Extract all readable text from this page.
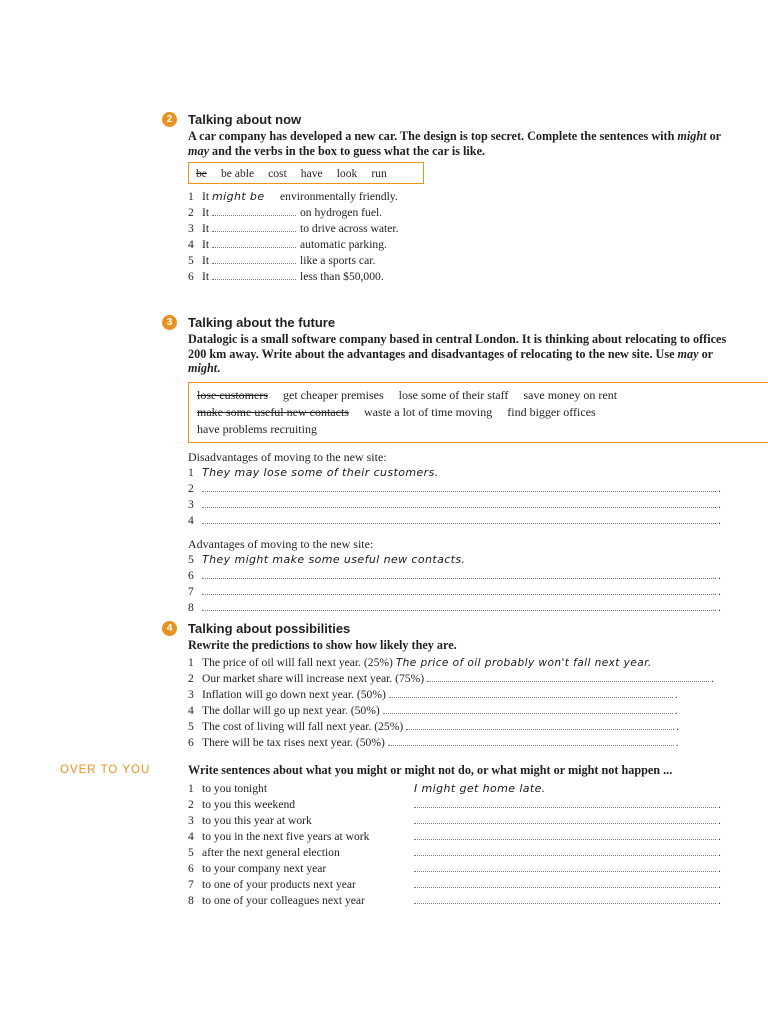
2	Talking about now
A car company has developed a new car. The design is top secret. Complete the sentences with might or may and the verbs in the box to guess what the car is like.
be be able cost have look run
1 It
might be	environmentally friendly.
2 It
	on hydrogen fuel.
3 It
	to drive across water.
4 It
	automatic parking.
5 It
	like a sports car.
6 It
	less than $50,000.
3	Talking about the future
Datalogic is a small software company based in central London. It is thinking about relocating to offices 200 km away. Write about the advantages and disadvantages of relocating to the new site. Use may or might.
lose customers get cheaper premises lose some of their staff save money on rent
make some useful new contacts waste a lot of time moving find bigger offices
have problems recruiting
Disadvantages of moving to the new site:
1 They may lose some of their customers.
2	.
3	.
4	.
Advantages of moving to the new site:
5 They might make some useful new contacts.
6	.
7	.
8	.
4	Talking about possibilities
Rewrite the predictions to show how likely they are.
1 The price of oil will fall next year. (25%)
The price of oil probably won't fall next year.
2 Our market share will increase next year. (75%)
	.
3 Inflation will go down next year. (50%)
	.
4 The dollar will go up next year. (50%)
	.
5 The cost of living will fall next year. (25%)
	.
6 There will be tax rises next year. (50%)
	.
OVER TO YOU	Write sentences about what you might or might not do, or what might or might not happen ...
1 to you tonight	I might get home late.
2 to you this weekend	.
3 to you this year at work	.
4 to you in the next five years at work	.
5 after the next general election	.
6 to your company next year	.
7 to one of your products next year	.
8 to one of your colleagues next year	.
